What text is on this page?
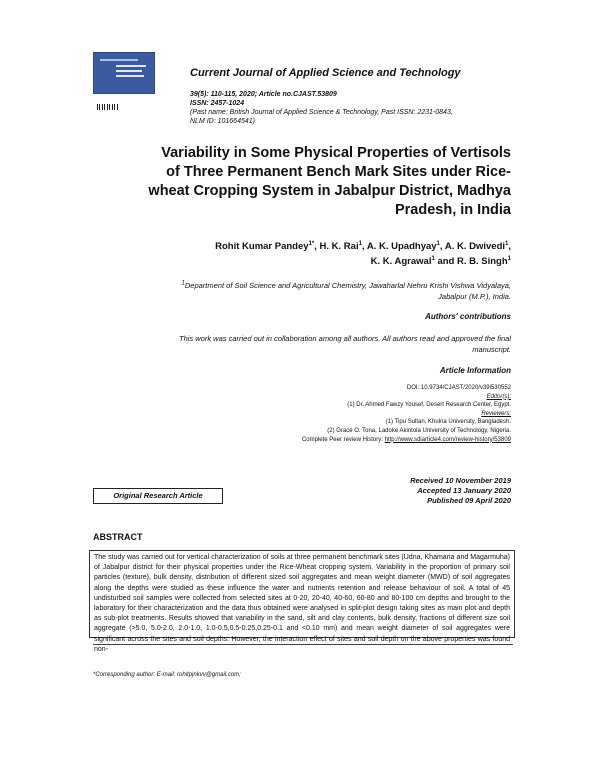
Current Journal of Applied Science and Technology
39(5): 110-115, 2020; Article no.CJAST.53809
ISSN: 2457-1024
(Past name: British Journal of Applied Science & Technology, Past ISSN: 2231-0843,
NLM ID: 101664541)
Variability in Some Physical Properties of Vertisols
of Three Permanent Bench Mark Sites under Rice-
wheat Cropping System in Jabalpur District, Madhya
Pradesh, in India
Rohit Kumar Pandey$^{1*}$, H. K. Rai$^1$, A. K. Upadhyay$^1$, A. K. Dwivedi$^1$,
K. K. Agrawal$^1$ and R. B. Singh$^1$
$^1$Department of Soil Science and Agricultural Chemistry, Jawaharlal Nehru Krishi Vishwa Vidyalaya,
Jabalpur (M.P.), India.
Authors' contributions
This work was carried out in collaboration among all authors. All authors read and approved the final
manuscript.
Article Information
DOI: 10.9734/CJAST/2020/v39i530552
Editor(s):
(1) Dr. Ahmed Fawzy Yousef, Desert Research Center, Egypt.
Reviewers:
(1) Tipu Sultan, Khulna University, Bangladesh.
(2) Grace O. Tona, Ladoke Akintola University of Technology, Nigeria.
Complete Peer review History: http://www.sdiarticle4.com/review-history/53809
Original Research Article
Received 10 November 2019
Accepted 13 January 2020
Published 09 April 2020
ABSTRACT
The study was carried out for vertical characterization of soils at three permanent benchmark sites (Udna, Khamaria and Magarmuha) of Jabalpur district for their physical properties under the Rice-Wheat cropping system. Variability in the proportion of primary soil particles (texture), bulk density, distribution of different sized soil aggregates and mean weight diameter (MWD) of soil aggregates along the depths were studied as these influence the water and nutrients retention and release behaviour of soil. A total of 45 undisturbed soil samples were collected from selected sites at 0-20, 20-40, 40-60, 60-80 and 80-100 cm depths and brought to the laboratory for their characterization and the data thus obtained were analysed in split-plot design taking sites as main plot and depth as sub-plot treatments. Results showed that variability in the sand, silt and clay contents, bulk density, fractions of different size soil aggregate (>5.0, 5.0-2.0, 2.0-1.0, 1.0-0.5,0.5-0.25,0.25-0.1 and <0.10 mm) and mean weight diameter of soil aggregates were significant across the sites and soil depths. However, the interaction effect of sites and soil depth on the above properties was found non-
*Corresponding author: E-mail: rohitpjnkvv@gmail.com;
